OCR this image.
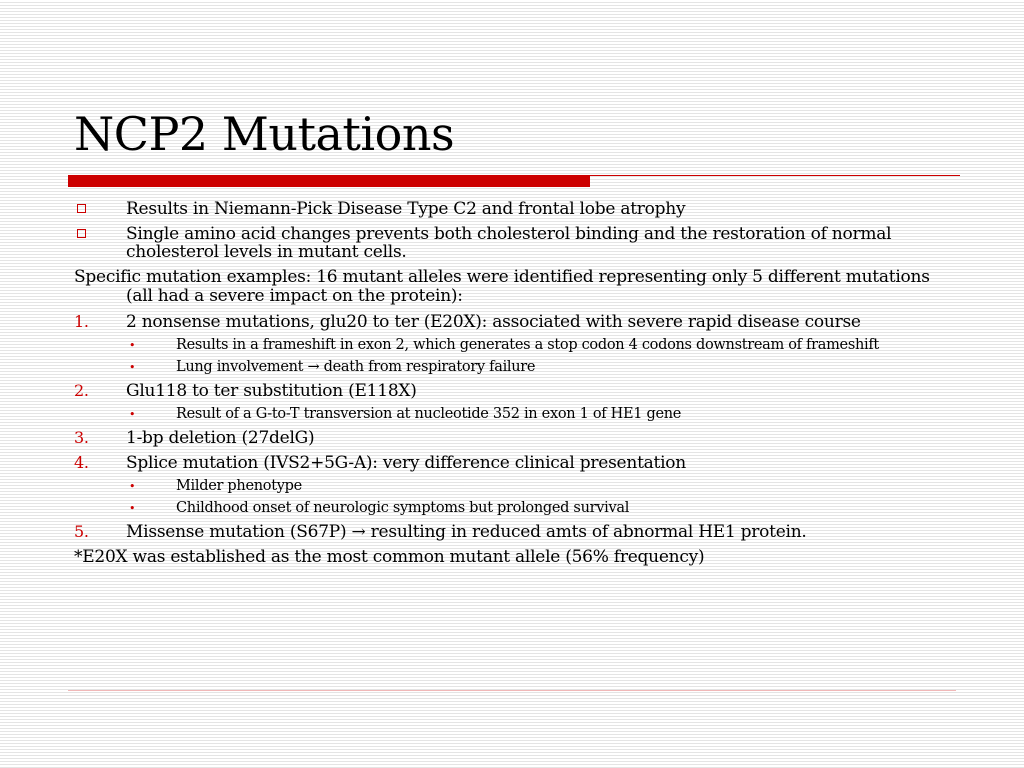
NCP2 Mutations
Results in Niemann-Pick Disease Type C2 and frontal lobe atrophy
Single amino acid changes prevents both cholesterol binding and the restoration of normal cholesterol levels in mutant cells.
Specific mutation examples: 16 mutant alleles were identified representing only 5 different mutations (all had a severe impact on the protein):
1. 2 nonsense mutations, glu20 to ter (E20X): associated with severe rapid disease course
•	Results in a frameshift in exon 2, which generates a stop codon 4 codons downstream of frameshift
•	Lung involvement → death from respiratory failure
2. Glu118 to ter substitution (E118X)
•	Result of a G-to-T transversion at nucleotide 352 in exon 1 of HE1 gene
3. 1-bp deletion (27delG)
4. Splice mutation (IVS2+5G-A): very difference clinical presentation
•	Milder phenotype
•	Childhood onset of neurologic symptoms but prolonged survival
5. Missense mutation (S67P) → resulting in reduced amts of abnormal HE1 protein.
*E20X was established as the most common mutant allele (56% frequency)
